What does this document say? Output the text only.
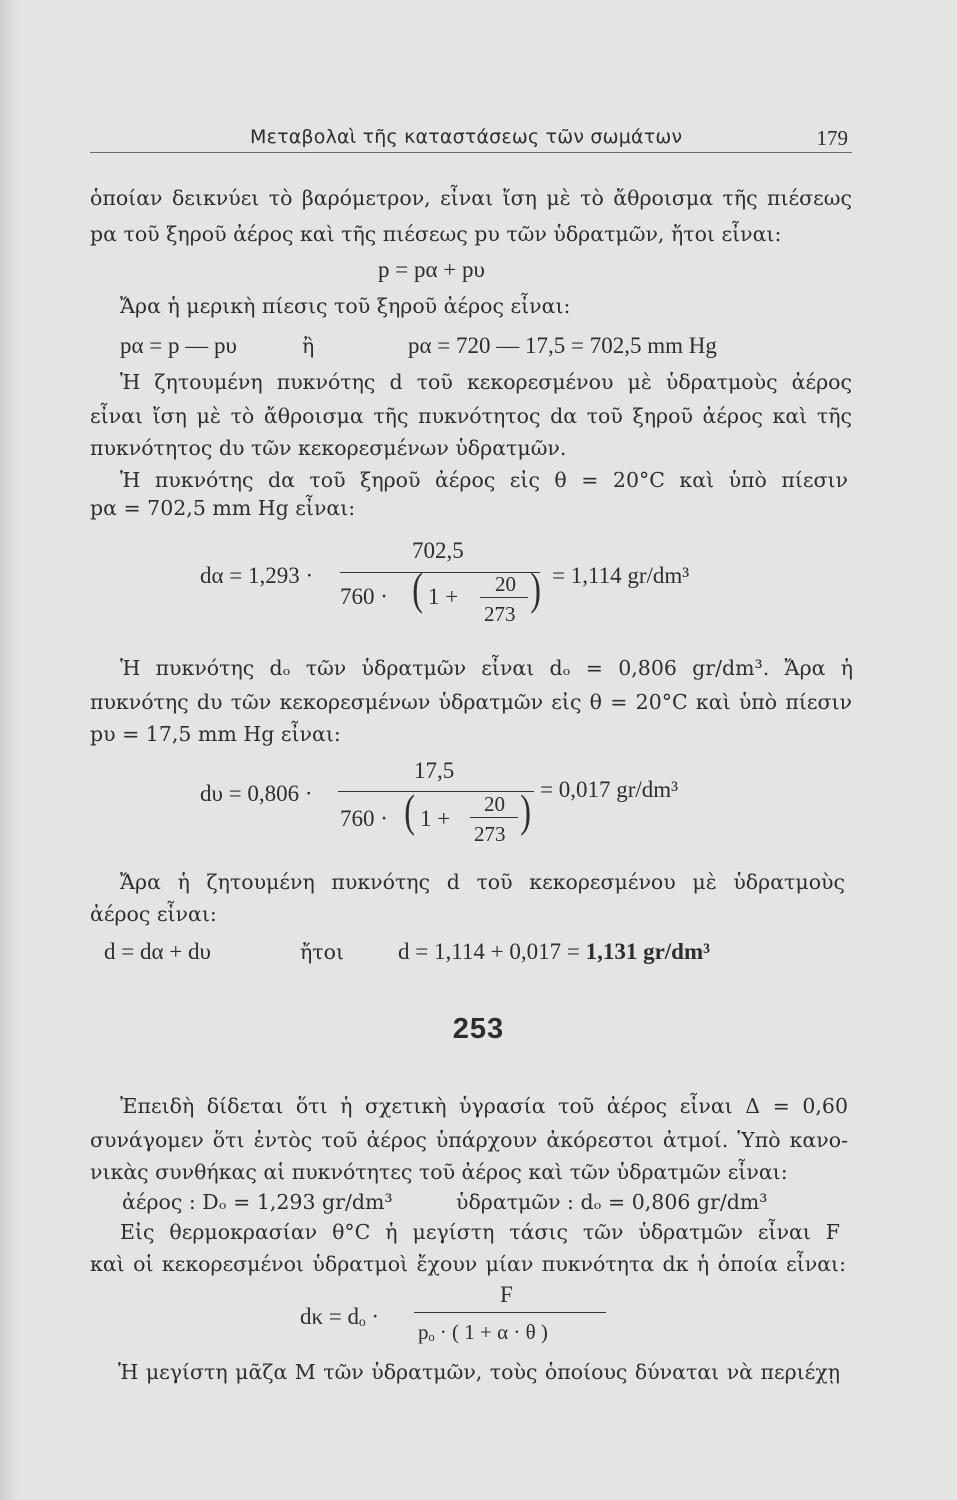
Μεταβολαὶ τῆς καταστάσεως τῶν σωμάτων	179
ὁποίαν δεικνύει τὸ βαρόμετρον, εἶναι ἴση μὲ τὸ ἄθροισμα τῆς πιέσεως
pα τοῦ ξηροῦ ἀέρος καὶ τῆς πιέσεως pυ τῶν ὑδρατμῶν, ἤτοι εἶναι:
p = pα + pυ
Ἄρα ἡ μερικὴ πίεσις τοῦ ξηροῦ ἀέρος εἶναι:
pα = p — pυ	ἢ	pα = 720 — 17,5 = 702,5 mm Hg
Ἡ ζητουμένη πυκνότης d τοῦ κεκορεσμένου μὲ ὑδρατμοὺς ἀέρος
εἶναι ἴση μὲ τὸ ἄθροισμα τῆς πυκνότητος dα τοῦ ξηροῦ ἀέρος καὶ τῆς
πυκνότητος dυ τῶν κεκορεσμένων ὑδρατμῶν.
Ἡ πυκνότης dα τοῦ ξηροῦ ἀέρος εἰς θ = 20°C καὶ ὑπὸ πίεσιν
pα = 702,5 mm Hg εἶναι:
dα = 1,293 ·
702,5
760 · ( 1 + 20
273 ) = 1,114 gr/dm³
Ἡ πυκνότης dₒ τῶν ὑδρατμῶν εἶναι dₒ = 0,806 gr/dm³. Ἄρα ἡ
πυκνότης dυ τῶν κεκορεσμένων ὑδρατμῶν εἰς θ = 20°C καὶ ὑπὸ πίεσιν
pυ = 17,5 mm Hg εἶναι:
dυ = 0,806 ·
17,5
760 · ( 1 +
20
273 ) = 0,017 gr/dm³
Ἄρα ἡ ζητουμένη πυκνότης d τοῦ κεκορεσμένου μὲ ὑδρατμοὺς
ἀέρος εἶναι:
d = dα + dυ	ἤτοι d = 1,114 + 0,017 = 1,131 gr/dm³
253
Ἐπειδὴ δίδεται ὅτι ἡ σχετικὴ ὑγρασία τοῦ ἀέρος εἶναι Δ = 0,60
συνάγομεν ὅτι ἐντὸς τοῦ ἀέρος ὑπάρχουν ἀκόρεστοι ἀτμοί. Ὑπὸ κανο-
νικὰς συνθήκας αἱ πυκνότητες τοῦ ἀέρος καὶ τῶν ὑδρατμῶν εἶναι:
ἀέρος : Dₒ = 1,293 gr/dm³	ὑδρατμῶν : dₒ = 0,806 gr/dm³
Εἰς θερμοκρασίαν θ°C ἡ μεγίστη τάσις τῶν ὑδρατμῶν εἶναι F
καὶ οἱ κεκορεσμένοι ὑδρατμοὶ ἔχουν μίαν πυκνότητα dκ ἡ ὁποία εἶναι:
dκ = dₒ ·
F
pₒ · ( 1 + α · θ )
Ἡ μεγίστη μᾶζα M τῶν ὑδρατμῶν, τοὺς ὁποίους δύναται νὰ περιέχῃ
